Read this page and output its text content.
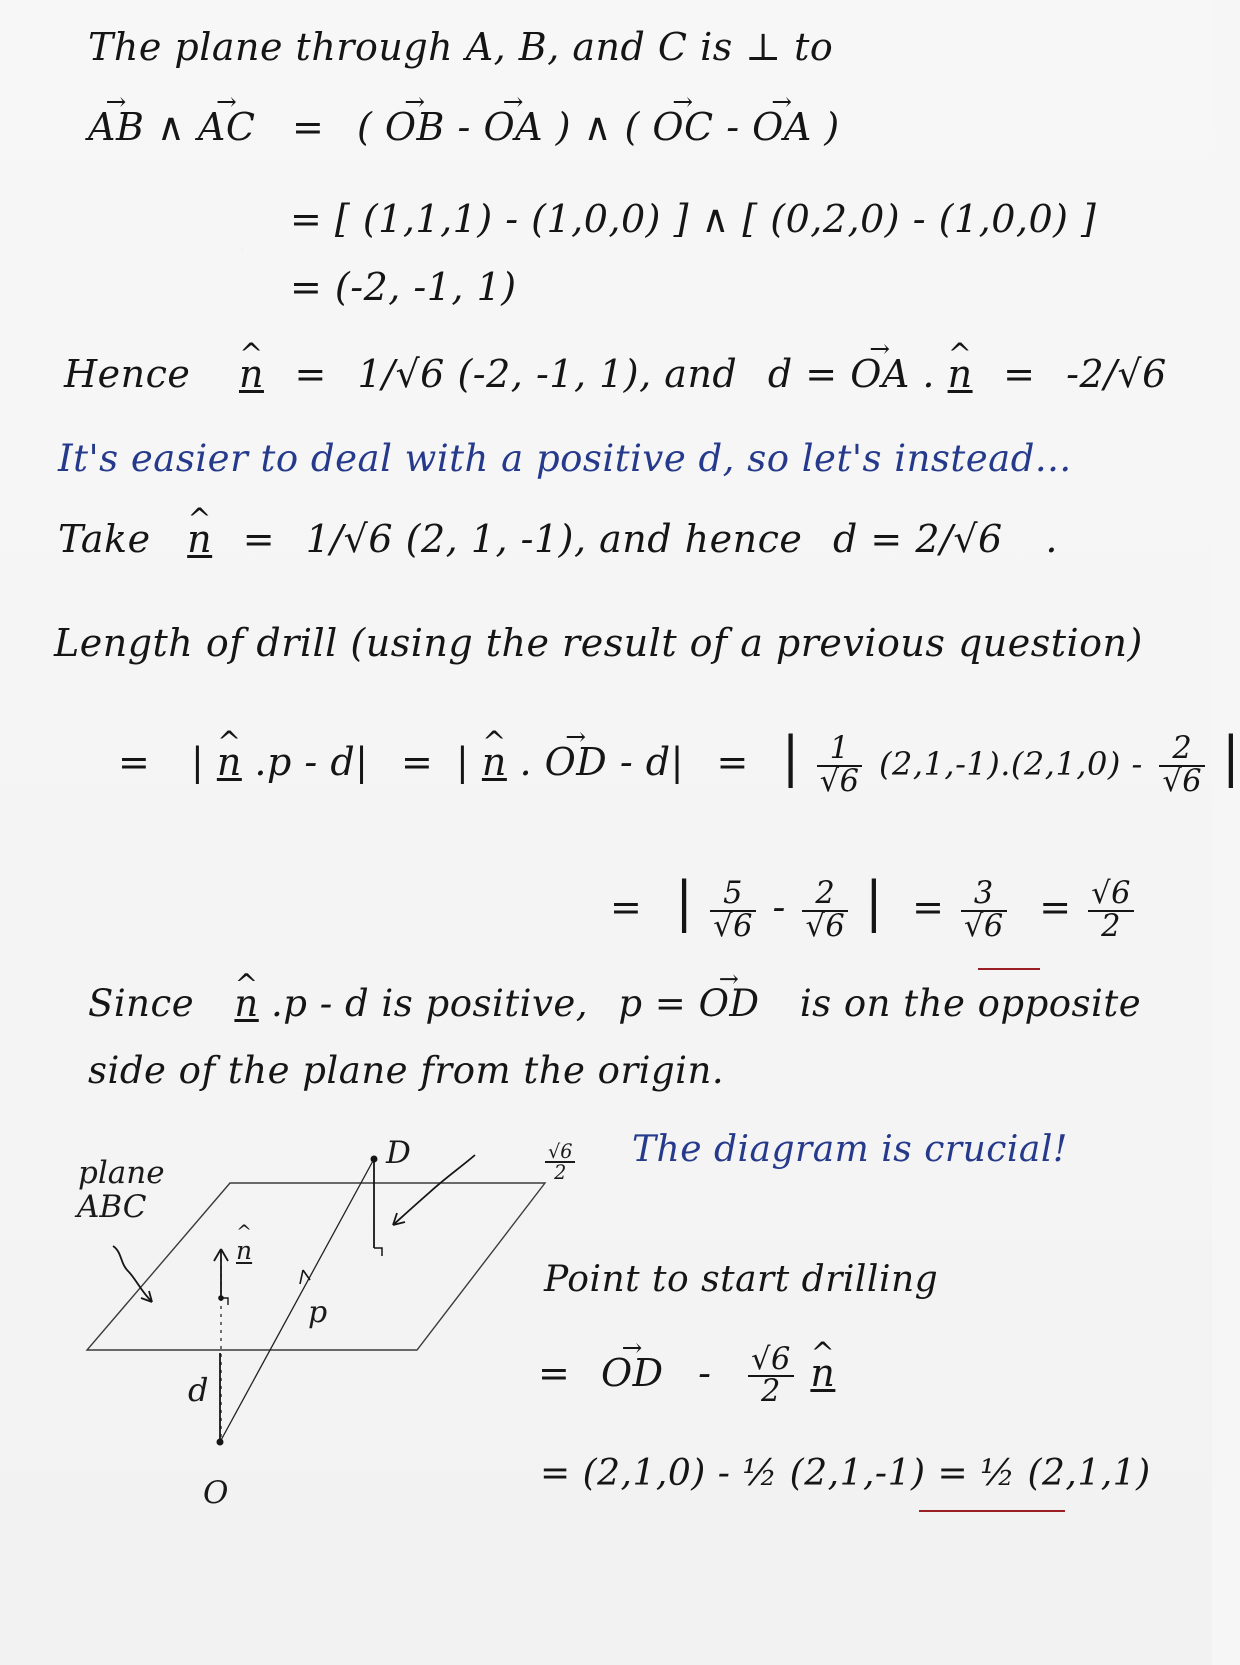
The plane through A, B, and C is ⊥ to
→ AB ∧ → AC = ( → OB - → OA ) ∧ ( → OC - → OA )
= [ (1,1,1) - (1,0,0) ] ∧ [ (0,2,0) - (1,0,0) ]
= (-2, -1, 1)
Hence ^ n = 1/√6 (-2, -1, 1), and d = → OA . ^ n = -2/√6
It's easier to deal with a positive d, so let's instead...
Take ^ n = 1/√6 (2, 1, -1), and hence d = 2/√6 .
Length of drill (using the result of a previous question)
= | ^ n .p - d| = | ^ n . → OD - d| = | $\frac{1}{√6} (2,1,-1).(2,1,0) - \frac{2}{√6}$ |
= | $\frac{5}{√6} - \frac{2}{√6}$ | = $\frac{3}{√6} = \frac{√6}{2}$
Since ^ n .p - d is positive, p = → OD is on the opposite
side of the plane from the origin.
The diagram is crucial!
plane
ABC
D
O
d
^ n
p
$\frac{√6}{2}$
Point to start drilling
= → OD - $\frac{√6}{2}$ ^ n
= (2,1,0) - ½ (2,1,-1) = ½ (2,1,1)
